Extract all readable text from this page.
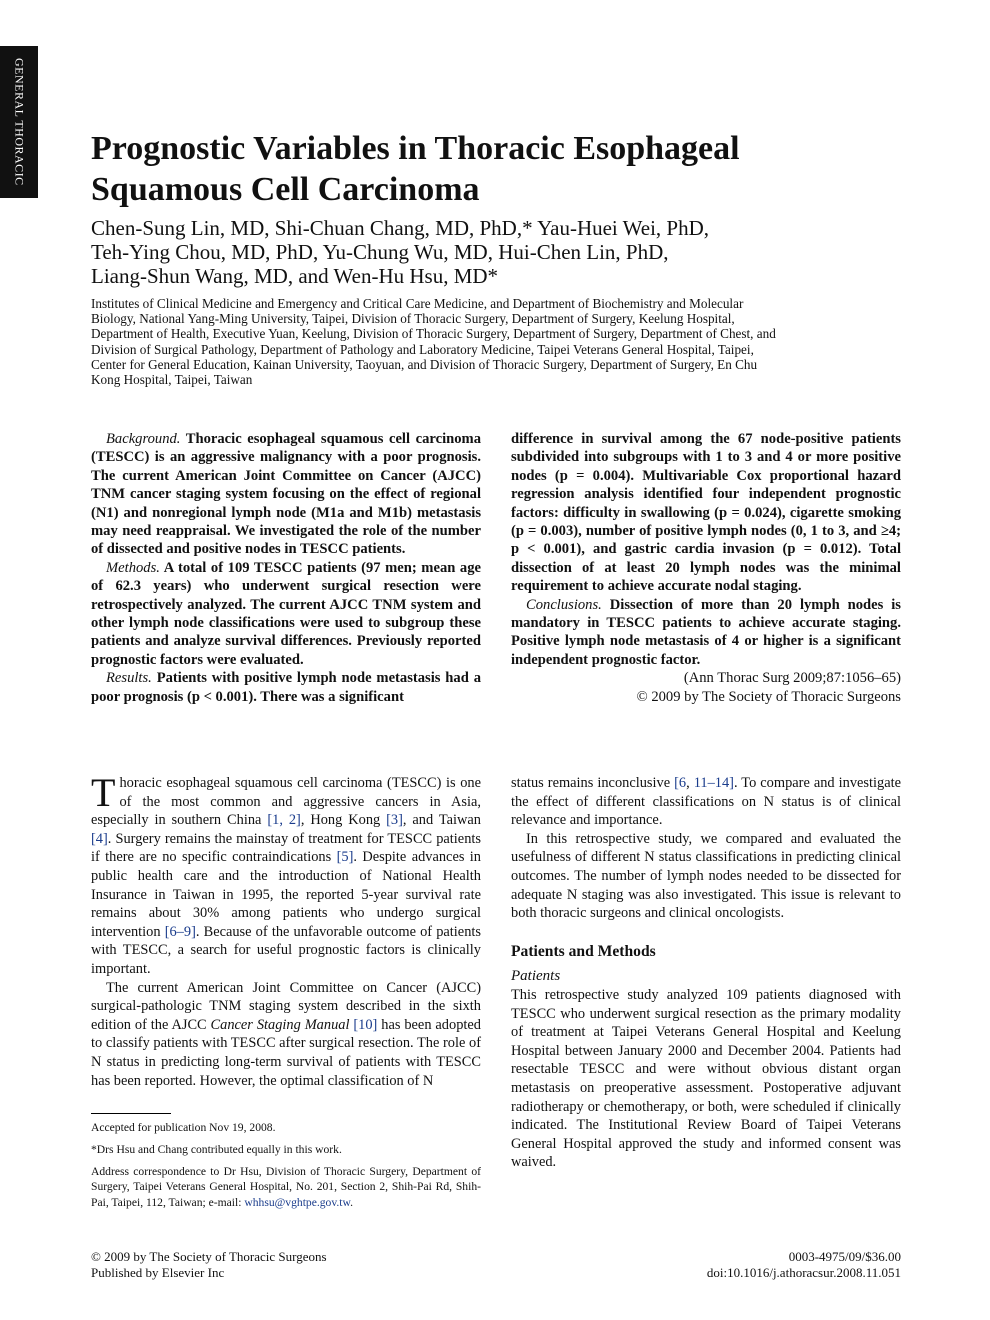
GENERAL THORACIC Prognostic Variables in Thoracic Esophageal
Squamous Cell Carcinoma
Chen-Sung Lin, MD, Shi-Chuan Chang, MD, PhD,* Yau-Huei Wei, PhD,
Teh-Ying Chou, MD, PhD, Yu-Chung Wu, MD, Hui-Chen Lin, PhD,
Liang-Shun Wang, MD, and Wen-Hu Hsu, MD*
Institutes of Clinical Medicine and Emergency and Critical Care Medicine, and Department of Biochemistry and Molecular
Biology, National Yang-Ming University, Taipei, Division of Thoracic Surgery, Department of Surgery, Keelung Hospital,
Department of Health, Executive Yuan, Keelung, Division of Thoracic Surgery, Department of Surgery, Department of Chest, and
Division of Surgical Pathology, Department of Pathology and Laboratory Medicine, Taipei Veterans General Hospital, Taipei,
Center for General Education, Kainan University, Taoyuan, and Division of Thoracic Surgery, Department of Surgery, En Chu
Kong Hospital, Taipei, Taiwan

Background. Thoracic esophageal squamous cell carcinoma (TESCC) is an aggressive malignancy with a poor prognosis. The current American Joint Committee on Cancer (AJCC) TNM cancer staging system focusing on the effect of regional (N1) and nonregional lymph node (M1a and M1b) metastasis may need reappraisal. We investigated the role of the number of dissected and positive nodes in TESCC patients.

Methods. A total of 109 TESCC patients (97 men; mean age of 62.3 years) who underwent surgical resection were retrospectively analyzed. The current AJCC TNM system and other lymph node classifications were used to subgroup these patients and analyze survival differences. Previously reported prognostic factors were evaluated.

Results. Patients with positive lymph node metastasis had a poor prognosis (p < 0.001). There was a significant

difference in survival among the 67 node-positive patients subdivided into subgroups with 1 to 3 and 4 or more positive nodes (p = 0.004). Multivariable Cox proportional hazard regression analysis identified four independent prognostic factors: difficulty in swallowing (p = 0.024), cigarette smoking (p = 0.003), number of positive lymph nodes (0, 1 to 3, and ≥4; p < 0.001), and gastric cardia invasion (p = 0.012). Total dissection of at least 20 lymph nodes was the minimal requirement to achieve accurate nodal staging.

Conclusions. Dissection of more than 20 lymph nodes is mandatory in TESCC patients to achieve accurate staging. Positive lymph node metastasis of 4 or higher is a significant independent prognostic factor.

(Ann Thorac Surg 2009;87:1056–65)

© 2009 by The Society of Thoracic Surgeons

Thoracic esophageal squamous cell carcinoma (TESCC) is one of the most common and aggressive cancers in Asia, especially in southern China [1, 2], Hong Kong [3], and Taiwan [4]. Surgery remains the mainstay of treatment for TESCC patients if there are no specific contraindications [5]. Despite advances in public health care and the introduction of National Health Insurance in Taiwan in 1995, the reported 5-year survival rate remains about 30% among patients who undergo surgical intervention [6–9]. Because of the unfavorable outcome of patients with TESCC, a search for useful prognostic factors is clinically important.

The current American Joint Committee on Cancer (AJCC) surgical-pathologic TNM staging system described in the sixth edition of the AJCC Cancer Staging Manual [10] has been adopted to classify patients with TESCC after surgical resection. The role of N status in predicting long-term survival of patients with TESCC has been reported. However, the optimal classification of N

status remains inconclusive [6, 11–14]. To compare and investigate the effect of different classifications on N status is of clinical relevance and importance.

In this retrospective study, we compared and evaluated the usefulness of different N status classifications in predicting clinical outcomes. The number of lymph nodes needed to be dissected for adequate N staging was also investigated. This issue is relevant to both thoracic surgeons and clinical oncologists.

Patients and Methods

Patients

This retrospective study analyzed 109 patients diagnosed with TESCC who underwent surgical resection as the primary modality of treatment at Taipei Veterans General Hospital and Keelung Hospital between January 2000 and December 2004. Patients had resectable TESCC and were without obvious distant organ metastasis on preoperative assessment. Postoperative adjuvant radiotherapy or chemotherapy, or both, were scheduled if clinically indicated. The Institutional Review Board of Taipei Veterans General Hospital approved the study and informed consent was waived.

Accepted for publication Nov 19, 2008.
*Drs Hsu and Chang contributed equally in this work.
Address correspondence to Dr Hsu, Division of Thoracic Surgery, Department of Surgery, Taipei Veterans General Hospital, No. 201, Section 2, Shih-Pai Rd, Shih-Pai, Taipei, 112, Taiwan; e-mail: whhsu@vghtpe.gov.tw.
© 2009 by The Society of Thoracic Surgeons
Published by Elsevier Inc
0003-4975/09/$36.00
doi:10.1016/j.athoracsur.2008.11.051
